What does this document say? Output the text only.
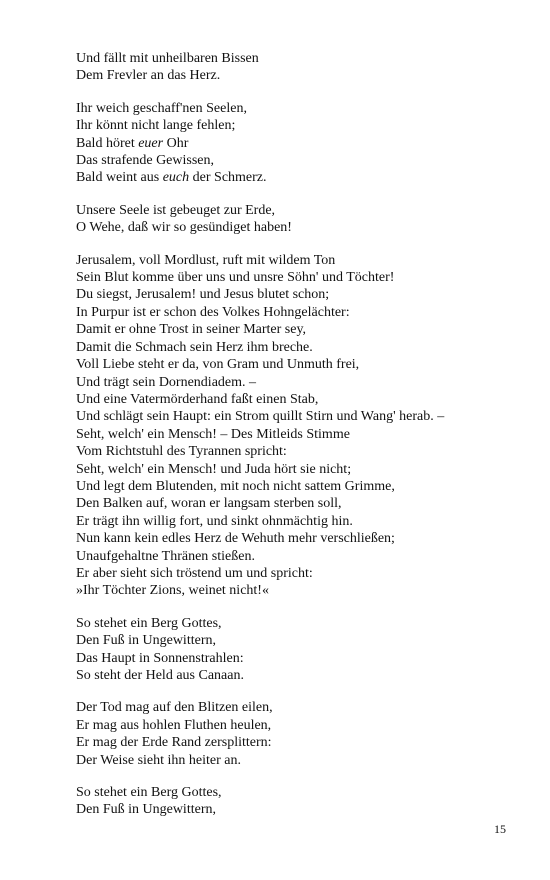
Und fällt mit unheilbaren Bissen
Dem Frevler an das Herz.
Ihr weich geschaff'nen Seelen,
Ihr könnt nicht lange fehlen;
Bald höret euer Ohr
Das strafende Gewissen,
Bald weint aus euch der Schmerz.
Unsere Seele ist gebeuget zur Erde,
O Wehe, daß wir so gesündiget haben!
Jerusalem, voll Mordlust, ruft mit wildem Ton
Sein Blut komme über uns und unsre Söhn' und Töchter!
Du siegst, Jerusalem! und Jesus blutet schon;
In Purpur ist er schon des Volkes Hohngelächter:
Damit er ohne Trost in seiner Marter sey,
Damit die Schmach sein Herz ihm breche.
Voll Liebe steht er da, von Gram und Unmuth frei,
Und trägt sein Dornendiadem. –
Und eine Vatermörderhand faßt einen Stab,
Und schlägt sein Haupt: ein Strom quillt Stirn und Wang' herab. –
Seht, welch' ein Mensch! – Des Mitleids Stimme
Vom Richtstuhl des Tyrannen spricht:
Seht, welch' ein Mensch! und Juda hört sie nicht;
Und legt dem Blutenden, mit noch nicht sattem Grimme,
Den Balken auf, woran er langsam sterben soll,
Er trägt ihn willig fort, und sinkt ohnmächtig hin.
Nun kann kein edles Herz de Wehuth mehr verschließen;
Unaufgehaltne Thränen stießen.
Er aber sieht sich tröstend um und spricht:
»Ihr Töchter Zions, weinet nicht!«
So stehet ein Berg Gottes,
Den Fuß in Ungewittern,
Das Haupt in Sonnenstrahlen:
So steht der Held aus Canaan.
Der Tod mag auf den Blitzen eilen,
Er mag aus hohlen Fluthen heulen,
Er mag der Erde Rand zersplittern:
Der Weise sieht ihn heiter an.
So stehet ein Berg Gottes,
Den Fuß in Ungewittern,
15
